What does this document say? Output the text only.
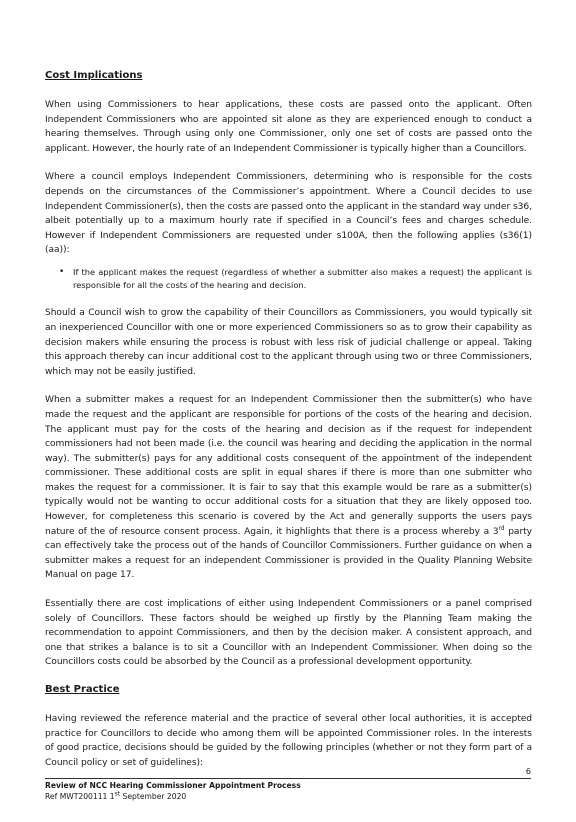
Cost Implications

When using Commissioners to hear applications, these costs are passed onto the applicant. Often Independent Commissioners who are appointed sit alone as they are experienced enough to conduct a hearing themselves. Through using only one Commissioner, only one set of costs are passed onto the applicant. However, the hourly rate of an Independent Commissioner is typically higher than a Councillors.

Where a council employs Independent Commissioners, determining who is responsible for the costs depends on the circumstances of the Commissioner’s appointment. Where a Council decides to use Independent Commissioner(s), then the costs are passed onto the applicant in the standard way under s36, albeit potentially up to a maximum hourly rate if specified in a Council’s fees and charges schedule. However if Independent Commissioners are requested under s100A, then the following applies (s36(1)(aa)):

• If the applicant makes the request (regardless of whether a submitter also makes a request) the applicant is responsible for all the costs of the hearing and decision.

Should a Council wish to grow the capability of their Councillors as Commissioners, you would typically sit an inexperienced Councillor with one or more experienced Commissioners so as to grow their capability as decision makers while ensuring the process is robust with less risk of judicial challenge or appeal. Taking this approach thereby can incur additional cost to the applicant through using two or three Commissioners, which may not be easily justified.

When a submitter makes a request for an Independent Commissioner then the submitter(s) who have made the request and the applicant are responsible for portions of the costs of the hearing and decision. The applicant must pay for the costs of the hearing and decision as if the request for independent commissioners had not been made (i.e. the council was hearing and deciding the application in the normal way). The submitter(s) pays for any additional costs consequent of the appointment of the independent commissioner. These additional costs are split in equal shares if there is more than one submitter who makes the request for a commissioner. It is fair to say that this example would be rare as a submitter(s) typically would not be wanting to occur additional costs for a situation that they are likely opposed too. However, for completeness this scenario is covered by the Act and generally supports the users pays nature of the of resource consent process. Again, it highlights that there is a process whereby a 3rd party can effectively take the process out of the hands of Councillor Commissioners. Further guidance on when a submitter makes a request for an independent Commissioner is provided in the Quality Planning Website Manual on page 17.

Essentially there are cost implications of either using Independent Commissioners or a panel comprised solely of Councillors. These factors should be weighed up firstly by the Planning Team making the recommendation to appoint Commissioners, and then by the decision maker. A consistent approach, and one that strikes a balance is to sit a Councillor with an Independent Commissioner. When doing so the Councillors costs could be absorbed by the Council as a professional development opportunity.

Best Practice

Having reviewed the reference material and the practice of several other local authorities, it is accepted practice for Councillors to decide who among them will be appointed Commissioner roles. In the interests of good practice, decisions should be guided by the following principles (whether or not they form part of a Council policy or set of guidelines):

6
Review of NCC Hearing Commissioner Appointment Process
Ref MWT200111 1st September 2020
